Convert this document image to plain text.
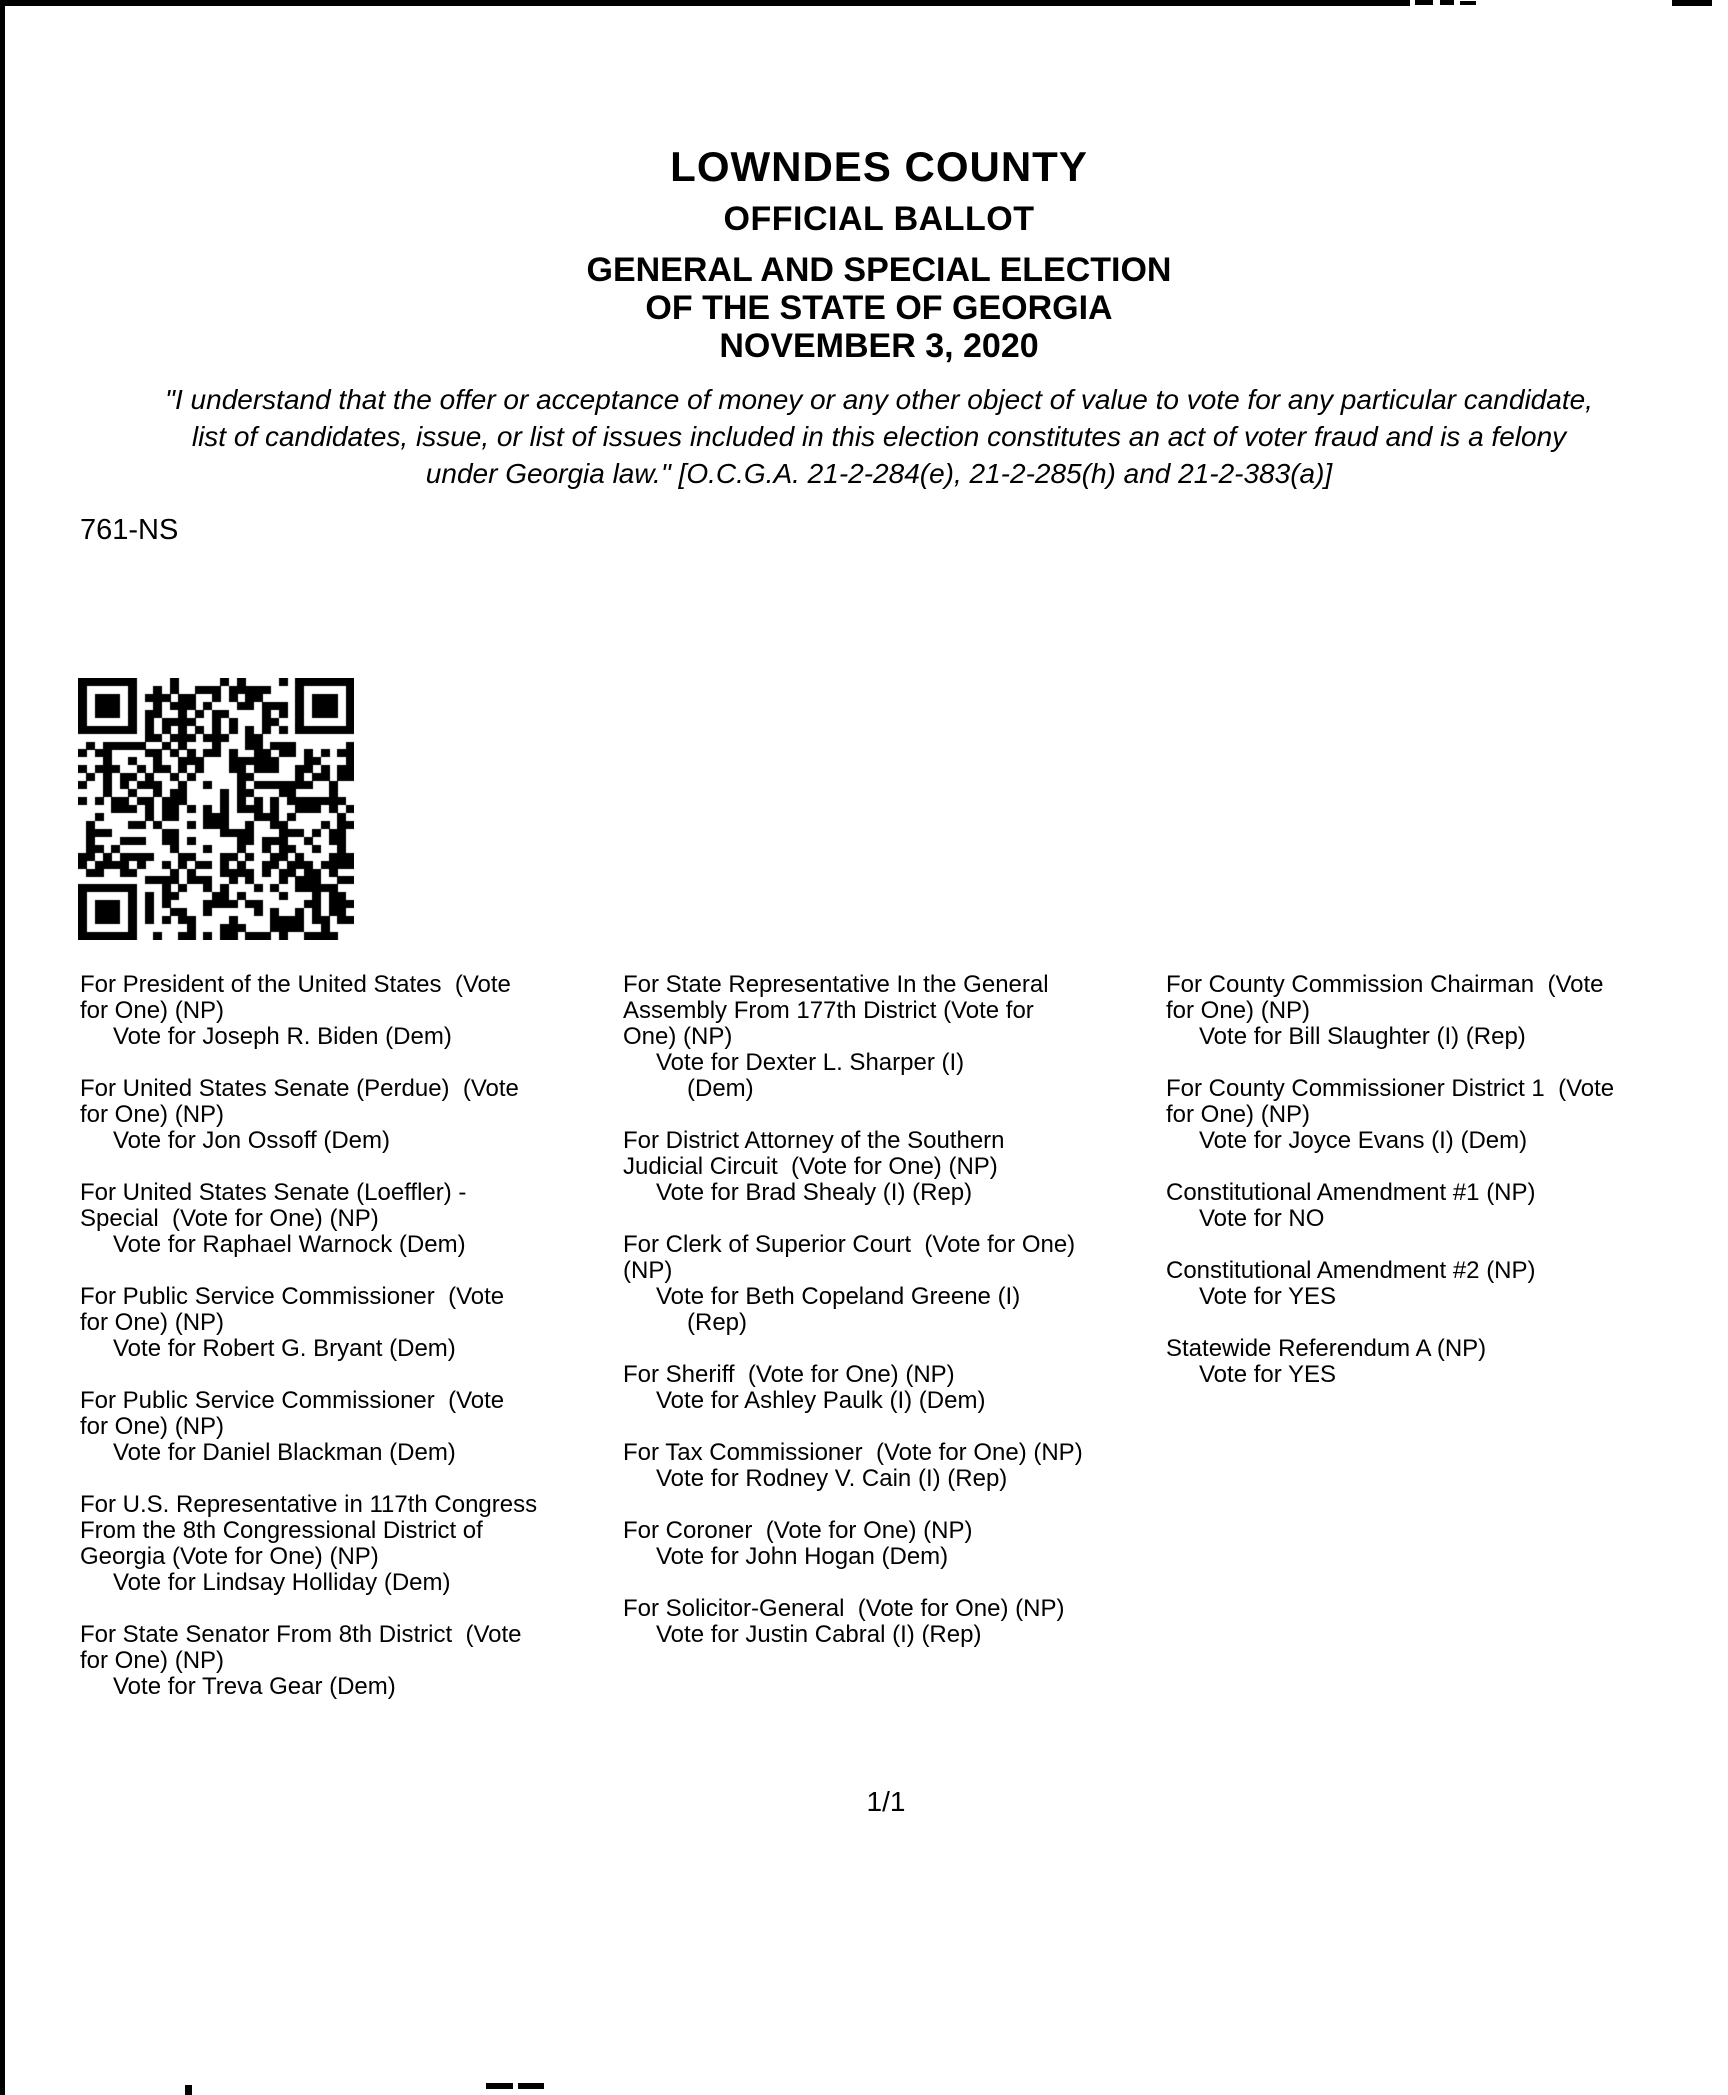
LOWNDES COUNTY
OFFICIAL BALLOT
GENERAL AND SPECIAL ELECTION
OF THE STATE OF GEORGIA
NOVEMBER 3, 2020
"I understand that the offer or acceptance of money or any other object of value to vote for any particular candidate,
list of candidates, issue, or list of issues included in this election constitutes an act of voter fraud and is a felony
under Georgia law." [O.C.G.A. 21-2-284(e), 21-2-285(h) and 21-2-383(a)]
761-NS
For President of the United States  (Vote
for One) (NP)
Vote for Joseph R. Biden (Dem)
For United States Senate (Perdue)  (Vote
for One) (NP)
Vote for Jon Ossoff (Dem)
For United States Senate (Loeffler) -
Special  (Vote for One) (NP)
Vote for Raphael Warnock (Dem)
For Public Service Commissioner  (Vote
for One) (NP)
Vote for Robert G. Bryant (Dem)
For Public Service Commissioner  (Vote
for One) (NP)
Vote for Daniel Blackman (Dem)
For U.S. Representative in 117th Congress
From the 8th Congressional District of
Georgia (Vote for One) (NP)
Vote for Lindsay Holliday (Dem)
For State Senator From 8th District  (Vote
for One) (NP)
Vote for Treva Gear (Dem)
For State Representative In the General
Assembly From 177th District (Vote for
One) (NP)
Vote for Dexter L. Sharper (I)
(Dem)
For District Attorney of the Southern
Judicial Circuit  (Vote for One) (NP)
Vote for Brad Shealy (I) (Rep)
For Clerk of Superior Court  (Vote for One)
(NP)
Vote for Beth Copeland Greene (I)
(Rep)
For Sheriff  (Vote for One) (NP)
Vote for Ashley Paulk (I) (Dem)
For Tax Commissioner  (Vote for One) (NP)
Vote for Rodney V. Cain (I) (Rep)
For Coroner  (Vote for One) (NP)
Vote for John Hogan (Dem)
For Solicitor-General  (Vote for One) (NP)
Vote for Justin Cabral (I) (Rep)
For County Commission Chairman  (Vote
for One) (NP)
Vote for Bill Slaughter (I) (Rep)
For County Commissioner District 1  (Vote
for One) (NP)
Vote for Joyce Evans (I) (Dem)
Constitutional Amendment #1 (NP)
Vote for NO
Constitutional Amendment #2 (NP)
Vote for YES
Statewide Referendum A (NP)
Vote for YES
1/1
